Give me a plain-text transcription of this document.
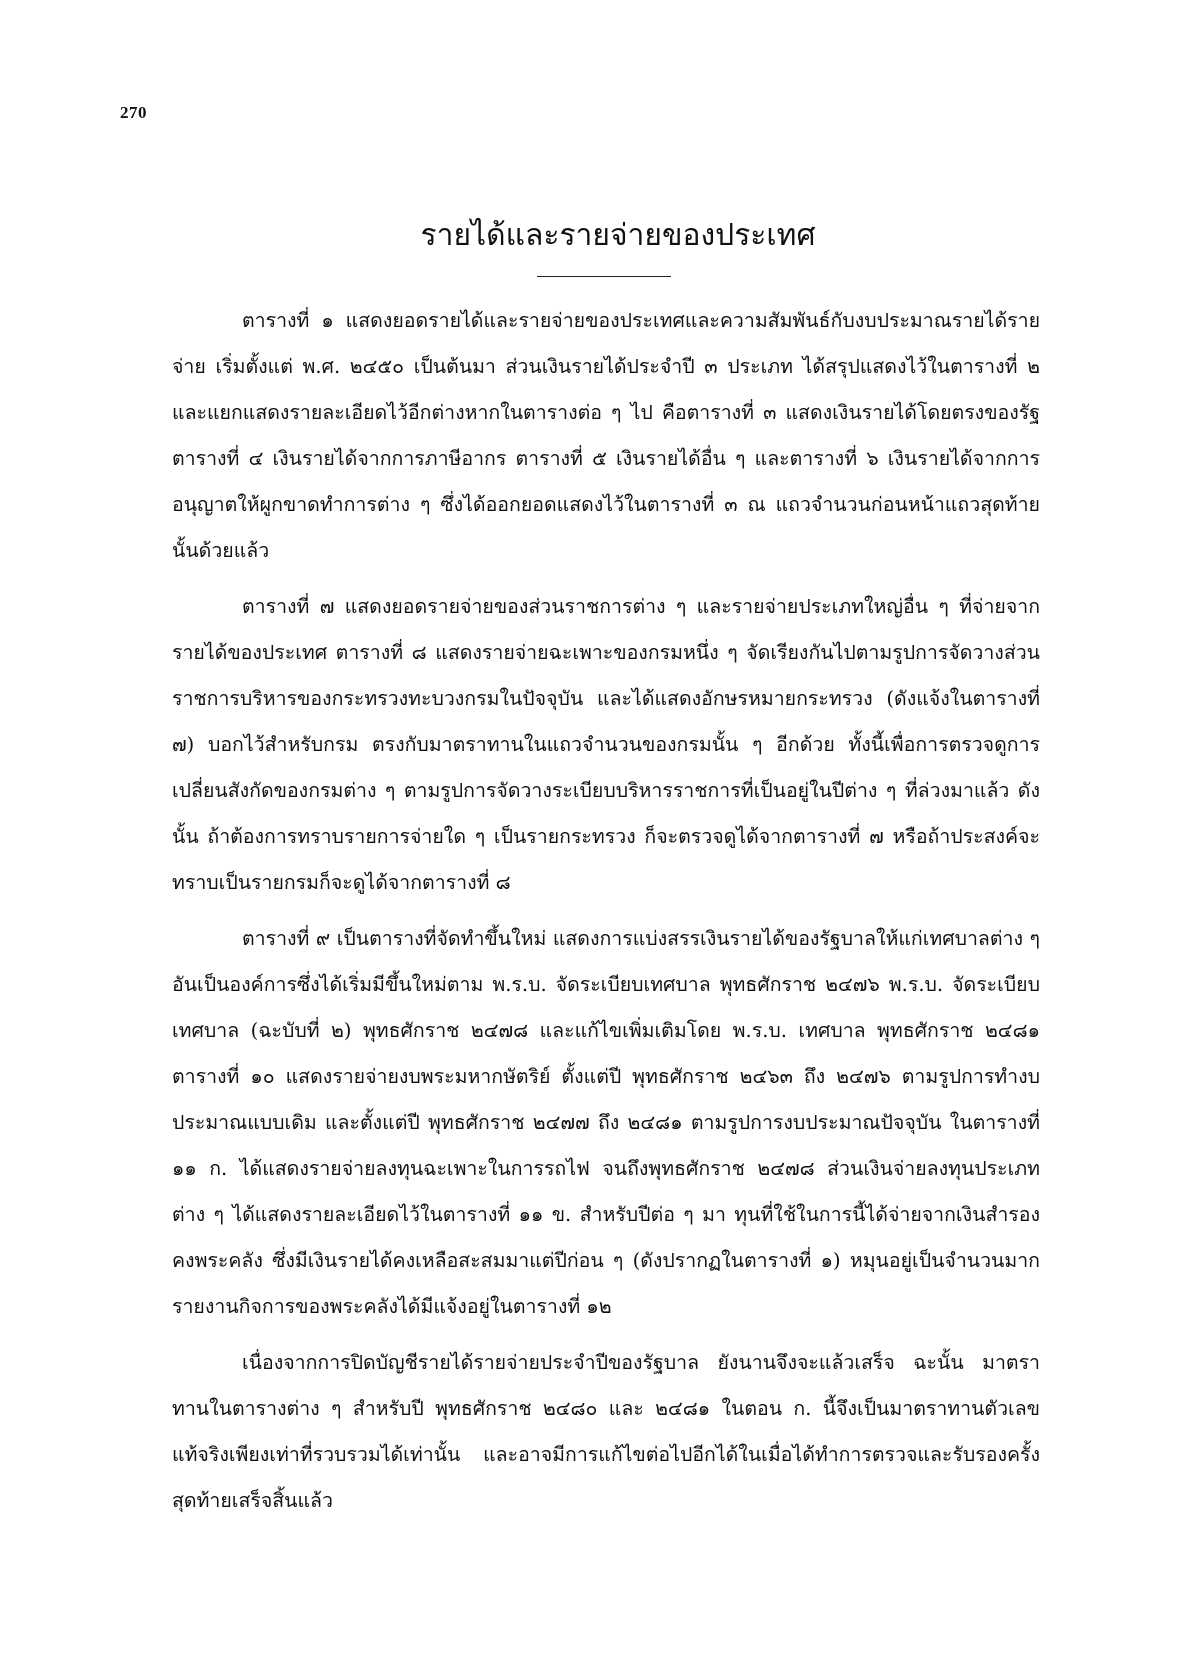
270
รายได้และรายจ่ายของประเทศ

ตารางที่ ๑ แสดงยอดรายได้และรายจ่ายของประเทศและความสัมพันธ์กับงบประมาณรายได้รายจ่าย เริ่มตั้งแต่ พ.ศ. ๒๔๕๐ เป็นต้นมา ส่วนเงินรายได้ประจำปี ๓ ประเภท ได้สรุปแสดงไว้ในตารางที่ ๒ และแยกแสดงรายละเอียดไว้อีกต่างหากในตารางต่อ ๆ ไป คือตารางที่ ๓ แสดงเงินรายได้โดยตรงของรัฐ ตารางที่ ๔ เงินรายได้จากการภาษีอากร ตารางที่ ๕ เงินรายได้อื่น ๆ และตารางที่ ๖ เงินรายได้จากการอนุญาตให้ผูกขาดทำการต่าง ๆ ซึ่งได้ออกยอดแสดงไว้ในตารางที่ ๓ ณ แถวจำนวนก่อนหน้าแถวสุดท้ายนั้นด้วยแล้ว

ตารางที่ ๗ แสดงยอดรายจ่ายของส่วนราชการต่าง ๆ และรายจ่ายประเภทใหญ่อื่น ๆ ที่จ่ายจากรายได้ของประเทศ ตารางที่ ๘ แสดงรายจ่ายฉะเพาะของกรมหนึ่ง ๆ จัดเรียงกันไปตามรูปการจัดวางส่วนราชการบริหารของกระทรวงทะบวงกรมในปัจจุบัน และได้แสดงอักษรหมายกระทรวง (ดังแจ้งในตารางที่ ๗) บอกไว้สำหรับกรม ตรงกับมาตราทานในแถวจำนวนของกรมนั้น ๆ อีกด้วย ทั้งนี้เพื่อการตรวจดูการเปลี่ยนสังกัดของกรมต่าง ๆ ตามรูปการจัดวางระเบียบบริหารราชการที่เป็นอยู่ในปีต่าง ๆ ที่ล่วงมาแล้ว ดังนั้น ถ้าต้องการทราบรายการจ่ายใด ๆ เป็นรายกระทรวง ก็จะตรวจดูได้จากตารางที่ ๗ หรือถ้าประสงค์จะทราบเป็นรายกรมก็จะดูได้จากตารางที่ ๘

ตารางที่ ๙ เป็นตารางที่จัดทำขึ้นใหม่ แสดงการแบ่งสรรเงินรายได้ของรัฐบาลให้แก่เทศบาลต่าง ๆ อันเป็นองค์การซึ่งได้เริ่มมีขึ้นใหม่ตาม พ.ร.บ. จัดระเบียบเทศบาล พุทธศักราช ๒๔๗๖ พ.ร.บ. จัดระเบียบเทศบาล (ฉะบับที่ ๒) พุทธศักราช ๒๔๗๘ และแก้ไขเพิ่มเติมโดย พ.ร.บ. เทศบาล พุทธศักราช ๒๔๘๑ ตารางที่ ๑๐ แสดงรายจ่ายงบพระมหากษัตริย์ ตั้งแต่ปี พุทธศักราช ๒๔๖๓ ถึง ๒๔๗๖ ตามรูปการทำงบประมาณแบบเดิม และตั้งแต่ปี พุทธศักราช ๒๔๗๗ ถึง ๒๔๘๑ ตามรูปการงบประมาณปัจจุบัน ในตารางที่ ๑๑ ก. ได้แสดงรายจ่ายลงทุนฉะเพาะในการรถไฟ จนถึงพุทธศักราช ๒๔๗๘ ส่วนเงินจ่ายลงทุนประเภทต่าง ๆ ได้แสดงรายละเอียดไว้ในตารางที่ ๑๑ ข. สำหรับปีต่อ ๆ มา ทุนที่ใช้ในการนี้ได้จ่ายจากเงินสำรองคงพระคลัง ซึ่งมีเงินรายได้คงเหลือสะสมมาแต่ปีก่อน ๆ (ดังปรากฏในตารางที่ ๑) หมุนอยู่เป็นจำนวนมาก รายงานกิจการของพระคลังได้มีแจ้งอยู่ในตารางที่ ๑๒

เนื่องจากการปิดบัญชีรายได้รายจ่ายประจำปีของรัฐบาล ยังนานจึงจะแล้วเสร็จ ฉะนั้น มาตราทานในตารางต่าง ๆ สำหรับปี พุทธศักราช ๒๔๘๐ และ ๒๔๘๑ ในตอน ก. นี้จึงเป็นมาตราทานตัวเลขแท้จริงเพียงเท่าที่รวบรวมได้เท่านั้น และอาจมีการแก้ไขต่อไปอีกได้ในเมื่อได้ทำการตรวจและรับรองครั้งสุดท้ายเสร็จสิ้นแล้ว
